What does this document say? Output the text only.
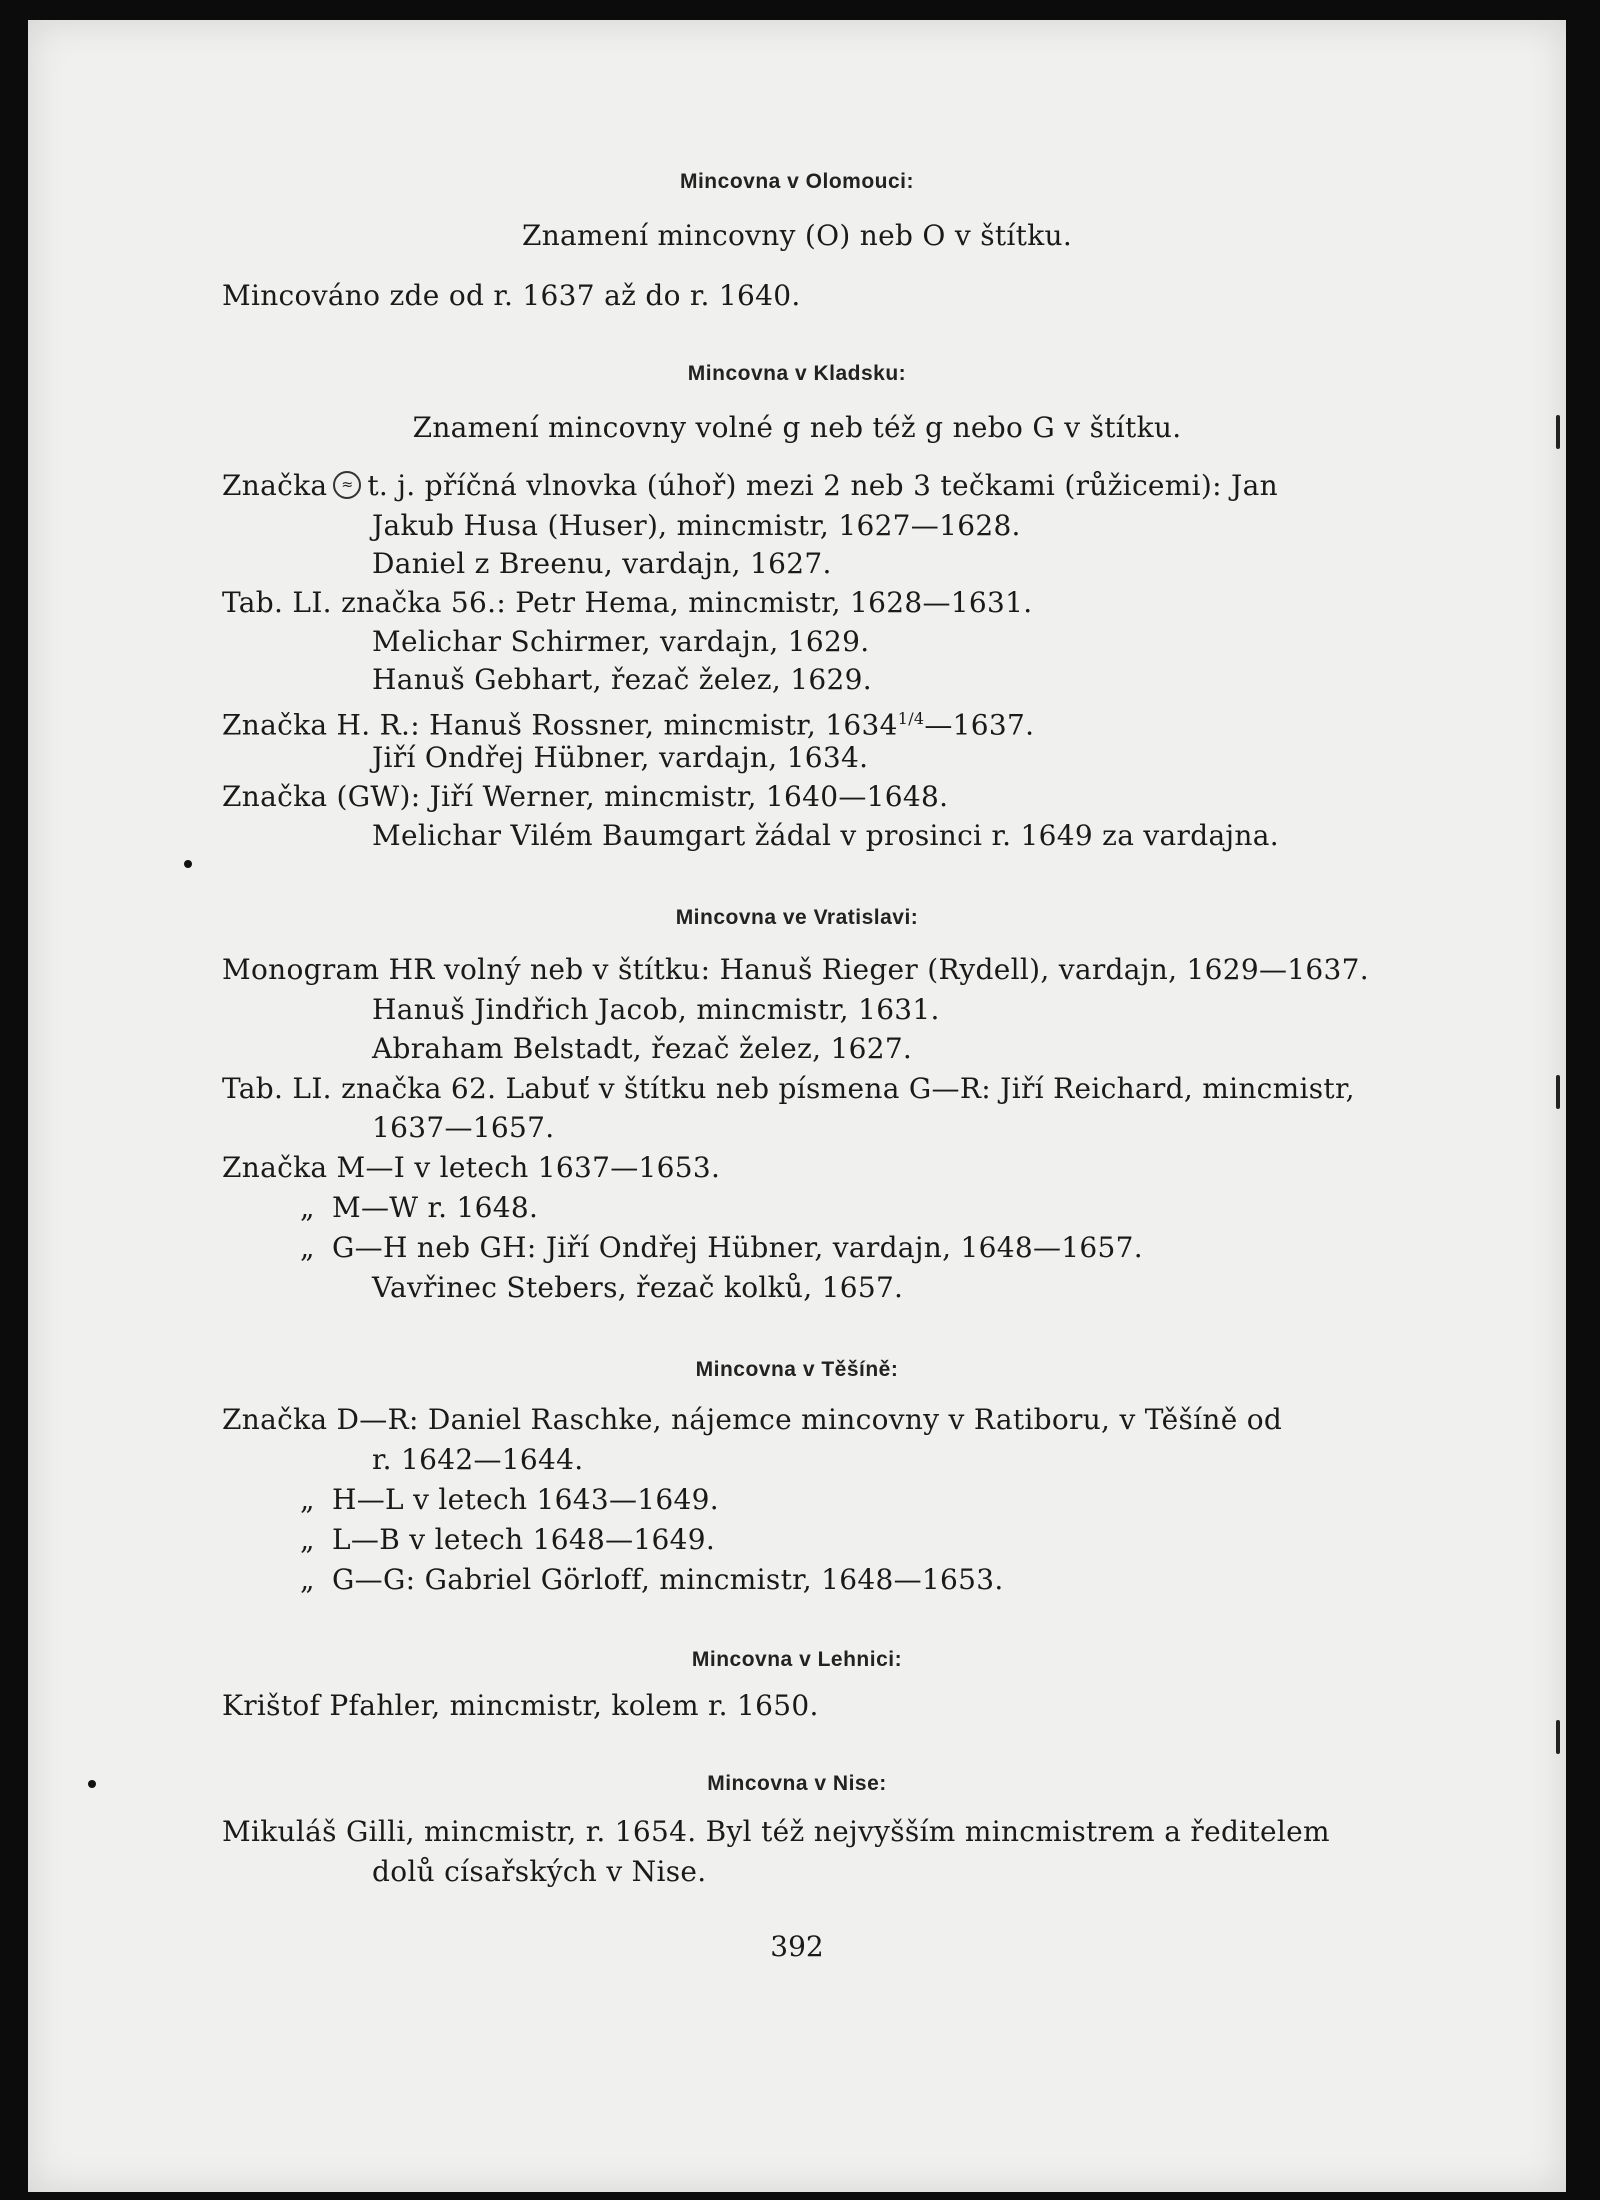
Mincovna v Olomouci:
Znamení mincovny (O) neb O v štítku.
Mincováno zde od r. 1637 až do r. 1640.
Mincovna v Kladsku:
Znamení mincovny volné g neb též g nebo G v štítku.
Značka ≈ t. j. příčná vlnovka (úhoř) mezi 2 neb 3 tečkami (růžicemi): Jan
Jakub Husa (Huser), mincmistr, 1627—1628.
Daniel z Breenu, vardajn, 1627.
Tab. LI. značka 56.: Petr Hema, mincmistr, 1628—1631.
Melichar Schirmer, vardajn, 1629.
Hanuš Gebhart, řezač želez, 1629.
Značka H. R.: Hanuš Rossner, mincmistr, $1634^{1/4}—1637$.
Jiří Ondřej Hübner, vardajn, 1634.
Značka (GW): Jiří Werner, mincmistr, 1640—1648.
Melichar Vilém Baumgart žádal v prosinci r. 1649 za vardajna.
Mincovna ve Vratislavi:
Monogram HR volný neb v štítku: Hanuš Rieger (Rydell), vardajn, 1629—1637.
Hanuš Jindřich Jacob, mincmistr, 1631.
Abraham Belstadt, řezač želez, 1627.
Tab. LI. značka 62. Labuť v štítku neb písmena G—R: Jiří Reichard, mincmistr,
1637—1657.
Značka M—I v letech 1637—1653.
„ M—W r. 1648.
„ G—H neb GH: Jiří Ondřej Hübner, vardajn, 1648—1657.
Vavřinec Stebers, řezač kolků, 1657.
Mincovna v Těšíně:
Značka D—R: Daniel Raschke, nájemce mincovny v Ratiboru, v Těšíně od
r. 1642—1644.
„ H—L v letech 1643—1649.
„ L—B v letech 1648—1649.
„ G—G: Gabriel Görloff, mincmistr, 1648—1653.
Mincovna v Lehnici:
Krištof Pfahler, mincmistr, kolem r. 1650.
Mincovna v Nise:
Mikuláš Gilli, mincmistr, r. 1654. Byl též nejvyšším mincmistrem a ředitelem
dolů císařských v Nise.
392
